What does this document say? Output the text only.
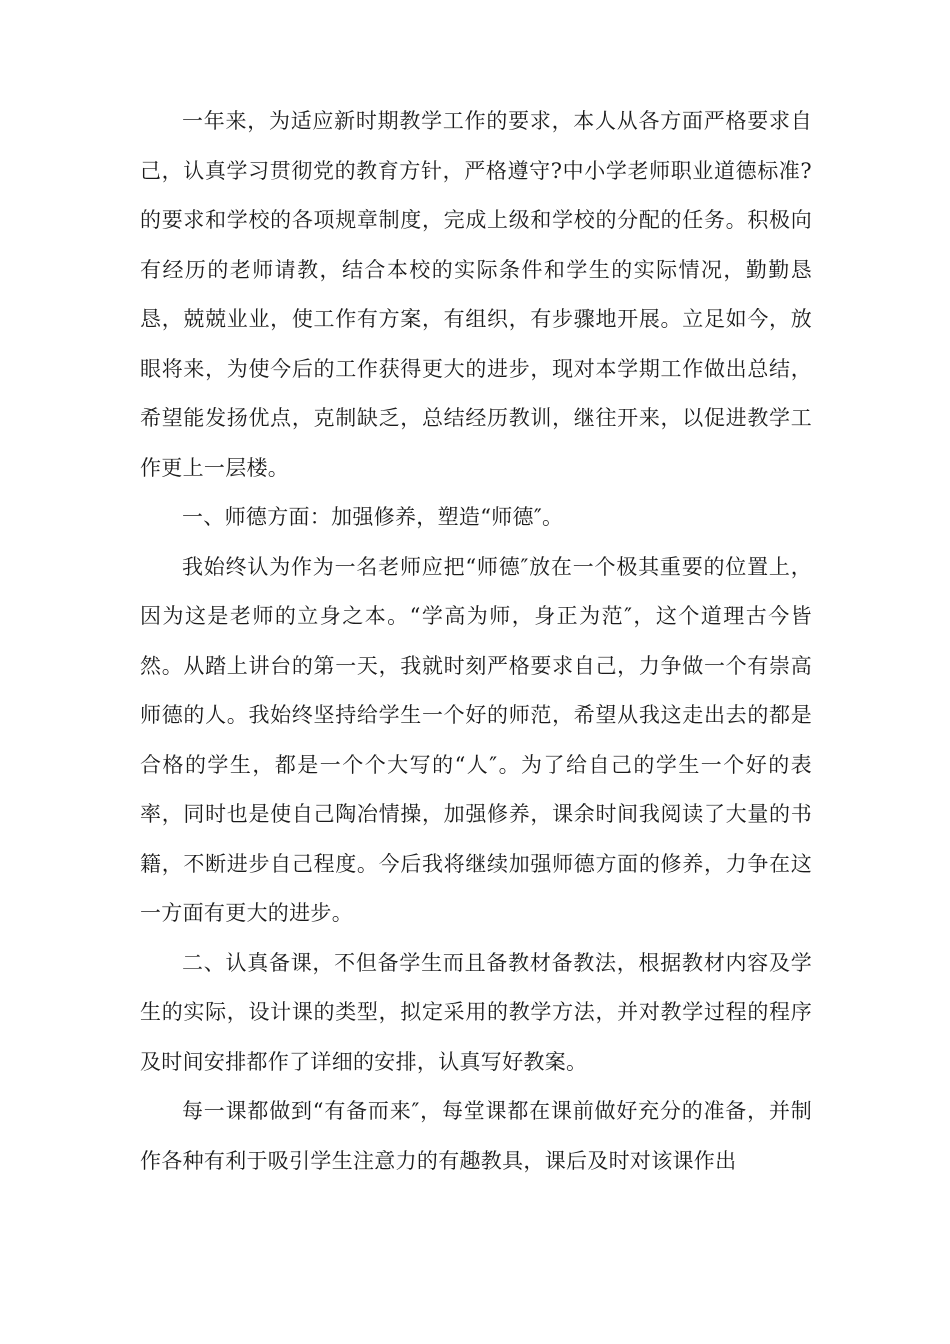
一年来，为适应新时期教学工作的要求，本人从各方面严格要求自己，认真学习贯彻党的教育方针，严格遵守?中小学老师职业道德标准?的要求和学校的各项规章制度，完成上级和学校的分配的任务。积极向有经历的老师请教，结合本校的实际条件和学生的实际情况，勤勤恳恳，兢兢业业，使工作有方案，有组织，有步骤地开展。立足如今，放眼将来，为使今后的工作获得更大的进步，现对本学期工作做出总结，希望能发扬优点，克制缺乏，总结经历教训，继往开来，以促进教学工作更上一层楼。

一、师德方面：加强修养，塑造“师德″。

我始终认为作为一名老师应把“师德″放在一个极其重要的位置上，因为这是老师的立身之本。“学高为师，身正为范″，这个道理古今皆然。从踏上讲台的第一天，我就时刻严格要求自己，力争做一个有崇高师德的人。我始终坚持给学生一个好的师范，希望从我这走出去的都是合格的学生，都是一个个大写的“人″。为了给自己的学生一个好的表率，同时也是使自己陶冶情操，加强修养，课余时间我阅读了大量的书籍，不断进步自己程度。今后我将继续加强师德方面的修养，力争在这一方面有更大的进步。

二、认真备课，不但备学生而且备教材备教法，根据教材内容及学生的实际，设计课的类型，拟定采用的教学方法，并对教学过程的程序及时间安排都作了详细的安排，认真写好教案。

每一课都做到“有备而来″，每堂课都在课前做好充分的准备，并制作各种有利于吸引学生注意力的有趣教具，课后及时对该课作出
